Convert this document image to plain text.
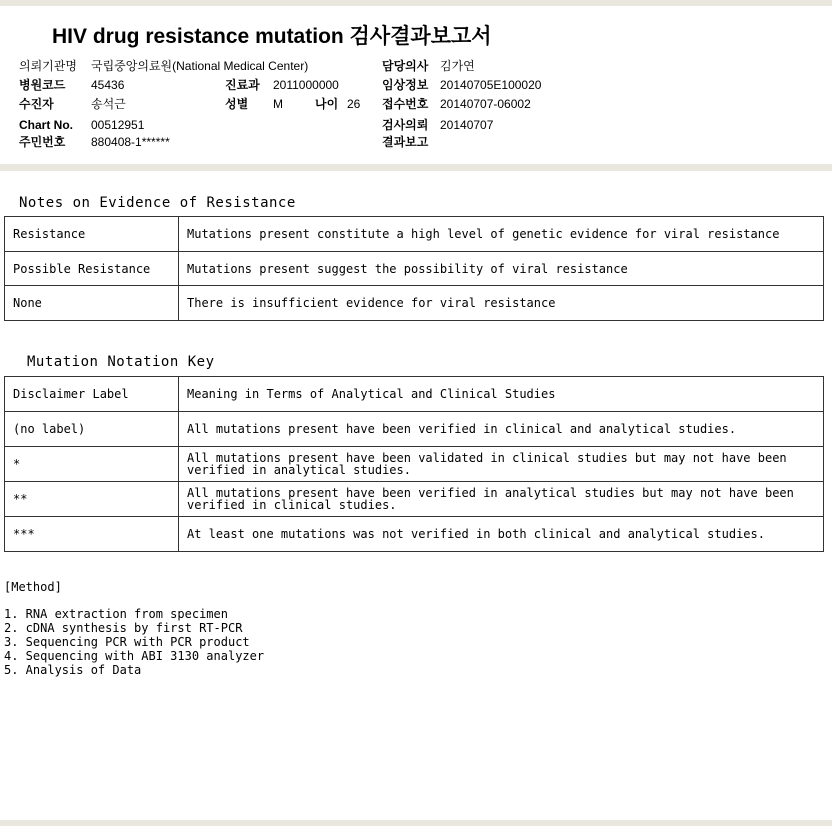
HIV drug resistance mutation 검사결과보고서
의뢰기관명 국립중앙의료원(National Medical Center)
병원코드 45436	진료과 2011000000
수진자	송석근	성별 M	나이 26
Chart No. 00512951
주민번호 880408-1******
담당의사 김가연
임상정보 20140705E100020
접수번호 20140707-06002
검사의뢰 20140707
결과보고
Notes on Evidence of Resistance
Resistance	Mutations present constitute a high level of genetic evidence for viral resistance
Possible Resistance	Mutations present suggest the possibility of viral resistance
None	There is insufficient evidence for viral resistance
Mutation Notation Key
Disclaimer Label	Meaning in Terms of Analytical and Clinical Studies
(no label)	All mutations present have been verified in clinical and analytical studies.
*	All mutations present have been validated in clinical studies but may not have been verified in analytical studies.
**	All mutations present have been verified in analytical studies but may not have been verified in clinical studies.
***	At least one mutations was not verified in both clinical and analytical studies.
[Method]
1. RNA extraction from specimen
2. cDNA synthesis by first RT-PCR
3. Sequencing PCR with PCR product
4. Sequencing with ABI 3130 analyzer
5. Analysis of Data
